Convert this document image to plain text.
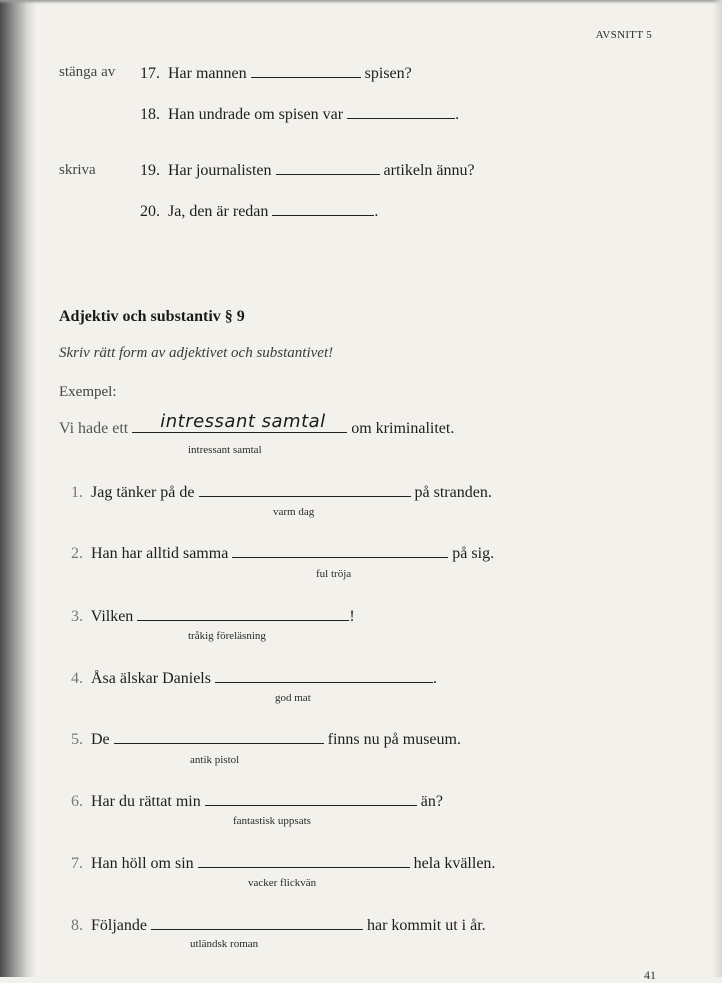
AVSNITT 5
stänga av 17. Har mannen	spisen?
18. Han undrade om spisen var	.
skriva	19. Har journalisten	artikeln ännu?
20. Ja, den är redan	.
Adjektiv och substantiv § 9
Skriv rätt form av adjektivet och substantivet!
Exempel:
Vi hade ett intressant samtal om kriminalitet.
intressant samtal
1. Jag tänker på de	på stranden.
varm dag
2. Han har alltid samma	på sig.
ful tröja
3. Vilken	!
tråkig föreläsning
4. Åsa älskar Daniels	.
god mat
5. De	finns nu på museum.
antik pistol
6. Har du rättat min	än?
fantastisk uppsats
7. Han höll om sin	hela kvällen.
vacker flickvän
8. Följande	har kommit ut i år.
utländsk roman
41
